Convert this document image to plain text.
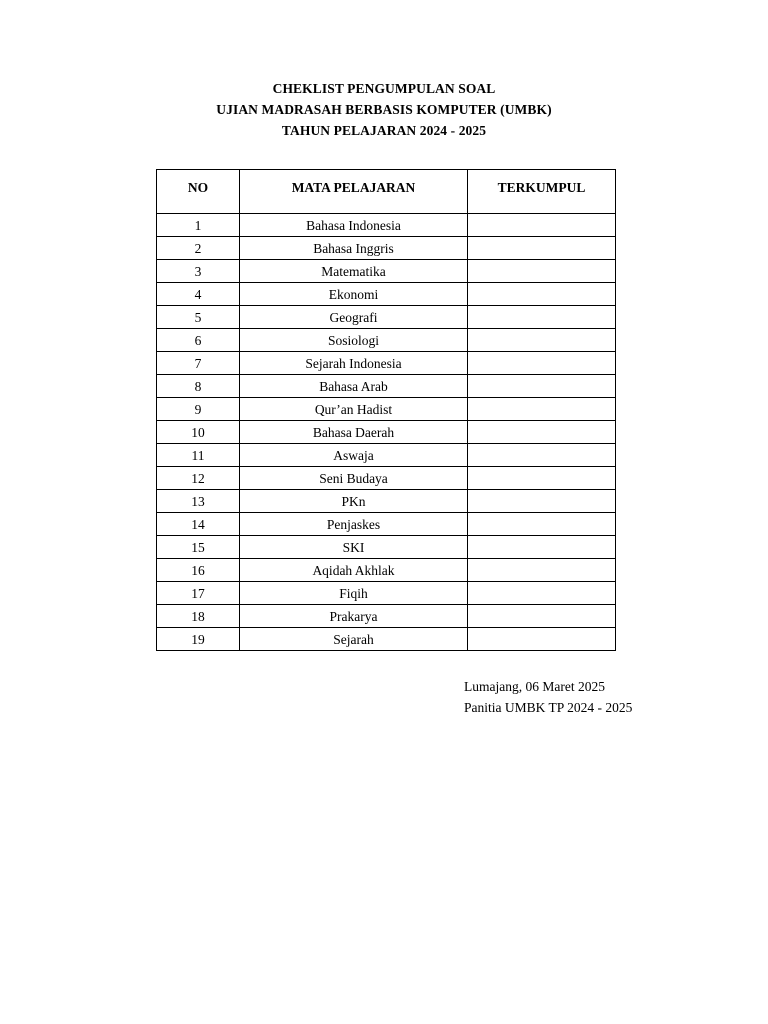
CHEKLIST PENGUMPULAN SOAL
UJIAN MADRASAH BERBASIS KOMPUTER (UMBK)
TAHUN PELAJARAN 2024 - 2025
NO	MATA PELAJARAN	TERKUMPUL
1	Bahasa Indonesia	
2	Bahasa Inggris	
3	Matematika	
4	Ekonomi	
5	Geografi	
6	Sosiologi	
7	Sejarah Indonesia	
8	Bahasa Arab	
9	Qur’an Hadist	
10	Bahasa Daerah	
11	Aswaja	
12	Seni Budaya	
13	PKn	
14	Penjaskes	
15	SKI	
16	Aqidah Akhlak	
17	Fiqih	
18	Prakarya	
19	Sejarah	
Lumajang, 06 Maret 2025
Panitia UMBK TP 2024 - 2025
